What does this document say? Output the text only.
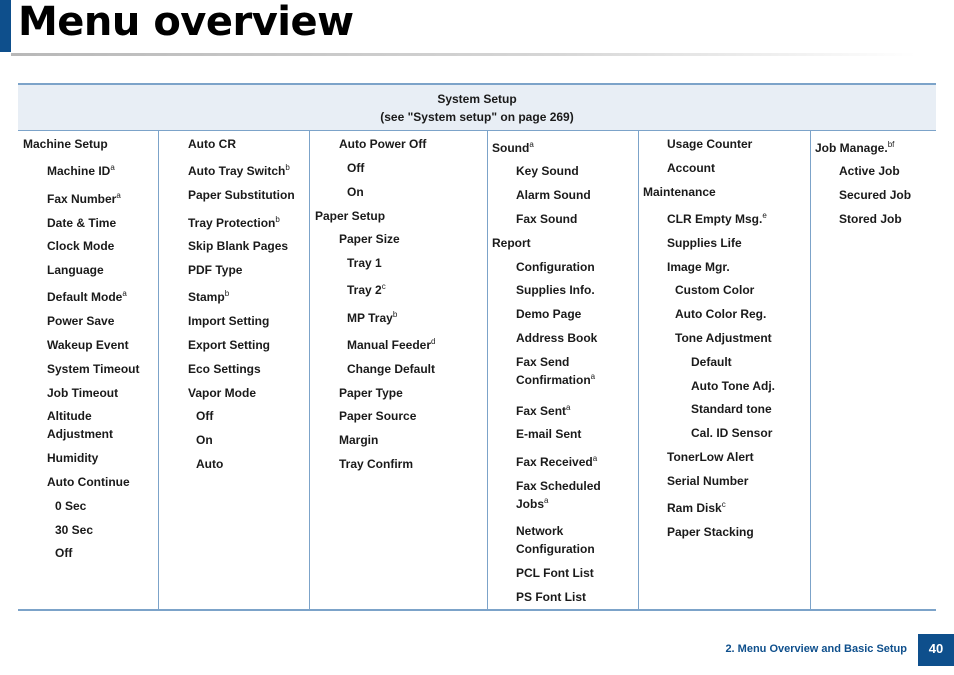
Menu overview
System Setup
(see "System setup" on page 269)
Machine Setup
Machine $ID^a$
Fax Number$^a$
Date & Time
Clock Mode
Language
Default Mode$^a$
Power Save
Wakeup Event
System Timeout
Job Timeout
Altitude Adjustment
Humidity
Auto Continue
0 Sec
30 Sec
Off
Auto CR
Auto Tray Switch$^b$
Paper Substitution
Tray Protection$^b$
Skip Blank Pages
PDF Type
Stamp$^b$
Import Setting
Export Setting
Eco Settings
Vapor Mode
Off
On
Auto
Auto Power Off
Off
On
Paper Setup
Paper Size
Tray 1
Tray 2$^c$
MP Tray$^b$
Manual Feeder$^d$
Change Default
Paper Type
Paper Source
Margin
Tray Confirm
Sound$^a$
Key Sound
Alarm Sound
Fax Sound
Report
Configuration
Supplies Info.
Demo Page
Address Book
Fax Send Confirmation$^a$
Fax Sent$^a$
E-mail Sent
Fax Received$^a$
Fax Scheduled Jobs$^a$
Network Configuration
PCL Font List
PS Font List
Usage Counter
Account
Maintenance
CLR Empty Msg.$^e$
Supplies Life
Image Mgr.
Custom Color
Auto Color Reg.
Tone Adjustment
Default
Auto Tone Adj.
Standard tone
Cal. ID Sensor
TonerLow Alert
Serial Number
Ram Disk$^c$
Paper Stacking
Job Manage.$^{bf}$
Active Job
Secured Job
Stored Job
2. Menu Overview and Basic Setup	40
